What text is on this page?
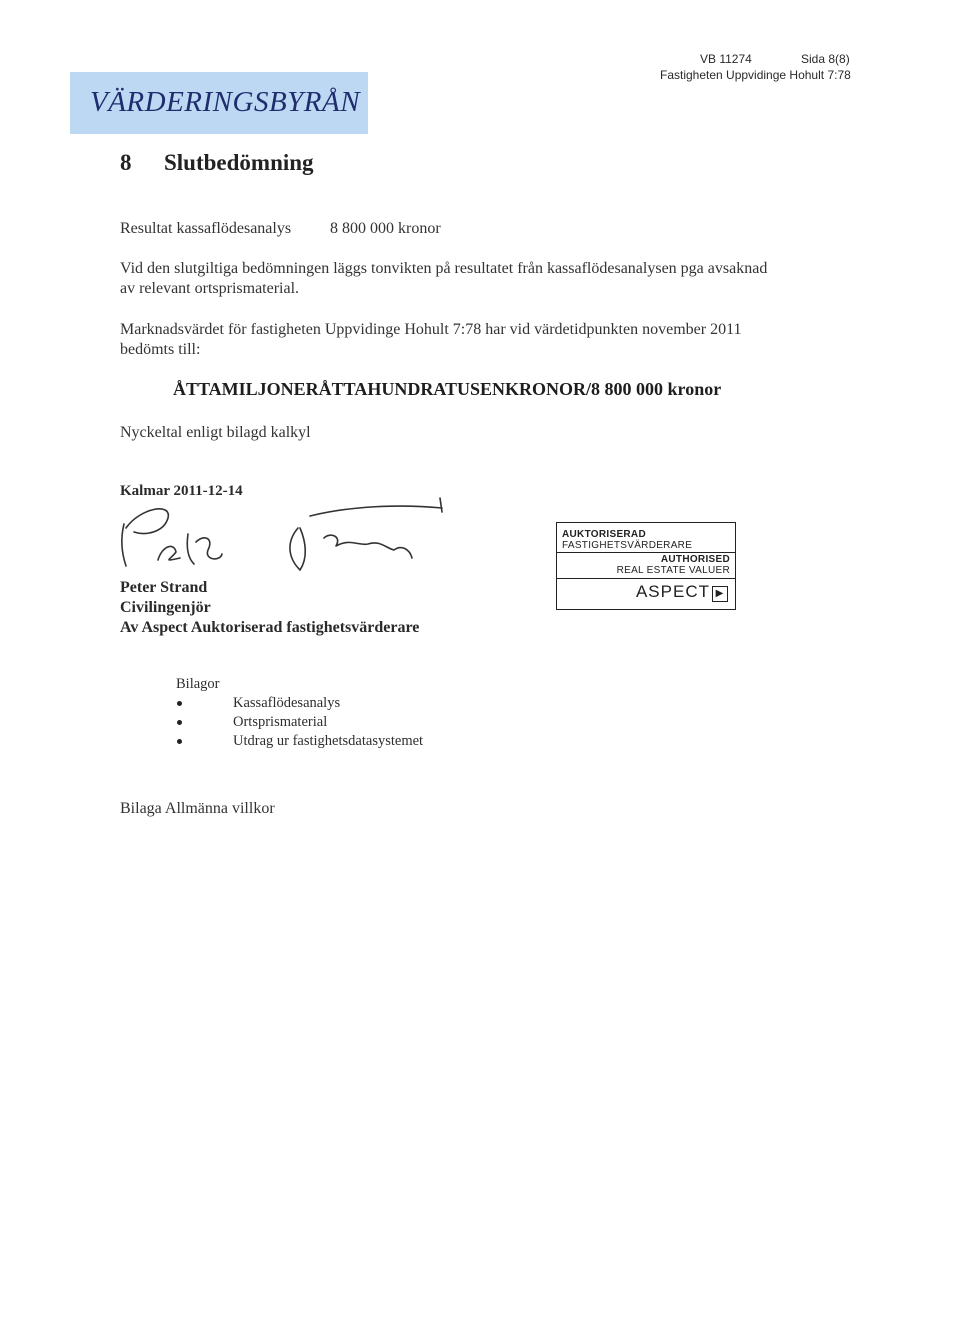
VÄRDERINGSBYRÅN
VB 11274	Sida 8(8)
Fastigheten Uppvidinge Hohult 7:78
8 Slutbedömning
Resultat kassaflödesanalys 8 800 000 kronor
Vid den slutgiltiga bedömningen läggs tonvikten på resultatet från kassaflödesanalysen pga avsaknad
av relevant ortsprismaterial.
Marknadsvärdet för fastigheten Uppvidinge Hohult 7:78 har vid värdetidpunkten november 2011
bedömts till:
ÅTTAMILJONERÅTTAHUNDRATUSENKRONOR/8 800 000 kronor
Nyckeltal enligt bilagd kalkyl
Kalmar 2011-12-14
Peter Strand
Civilingenjör
Av Aspect Auktoriserad fastighetsvärderare
AUKTORISERAD
FASTIGHETSVÄRDERARE
AUTHORISED
REAL ESTATE VALUER
ASPECT ▶
Bilagor
Kassaflödesanalys
Ortsprismaterial
Utdrag ur fastighetsdatasystemet
Bilaga Allmänna villkor
